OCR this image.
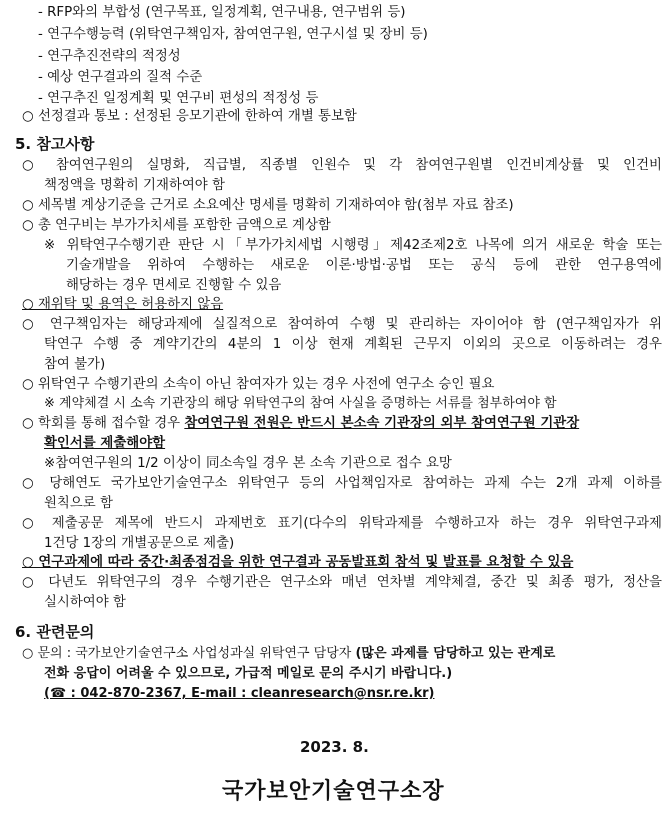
- RFP와의 부합성 (연구목표, 일정계획, 연구내용, 연구범위 등)
- 연구수행능력 (위탁연구책임자, 참여연구원, 연구시설 및 장비 등)
- 연구추진전략의 적정성
- 예상 연구결과의 질적 수준
- 연구추진 일정계획 및 연구비 편성의 적정성 등
○ 선정결과 통보 : 선정된 응모기관에 한하여 개별 통보함
5. 참고사항
○ 참여연구원의 실명화, 직급별, 직종별 인원수 및 각 참여연구원별 인건비계상률 및 인건비
책정액을 명확히 기재하여야 함
○ 세목별 계상기준을 근거로 소요예산 명세를 명확히 기재하여야 함(첨부 자료 참조)
○ 총 연구비는 부가가치세를 포함한 금액으로 계상함
※ 위탁연구수행기관 판단 시「부가가치세법 시행령」제42조제2호 나목에 의거 새로운 학술 또는
기술개발을 위하여 수행하는 새로운 이론·방법·공법 또는 공식 등에 관한 연구용역에
해당하는 경우 면세로 진행할 수 있음
○ 재위탁 및 용역은 허용하지 않음
○ 연구책임자는 해당과제에 실질적으로 참여하여 수행 및 관리하는 자이어야 함 (연구책임자가 위
탁연구 수행 중 계약기간의 4분의 1 이상 현재 계획된 근무지 이외의 곳으로 이동하려는 경우
참여 불가)
○ 위탁연구 수행기관의 소속이 아닌 참여자가 있는 경우 사전에 연구소 승인 필요
※ 계약체결 시 소속 기관장의 해당 위탁연구의 참여 사실을 증명하는 서류를 첨부하여야 함
○ 학회를 통해 접수할 경우 참여연구원 전원은 반드시 본소속 기관장의 외부 참여연구원 기관장
확인서를 제출해야함
※참여연구원의 1/2 이상이 同소속일 경우 본 소속 기관으로 접수 요망
○ 당해연도 국가보안기술연구소 위탁연구 등의 사업책임자로 참여하는 과제 수는 2개 과제 이하를
원칙으로 함
○ 제출공문 제목에 반드시 과제번호 표기(다수의 위탁과제를 수행하고자 하는 경우 위탁연구과제
1건당 1장의 개별공문으로 제출)
○ 연구과제에 따라 중간·최종점검을 위한 연구결과 공동발표회 참석 및 발표를 요청할 수 있음
○ 다년도 위탁연구의 경우 수행기관은 연구소와 매년 연차별 계약체결, 중간 및 최종 평가, 정산을
실시하여야 함
6. 관련문의
○ 문의 : 국가보안기술연구소 사업성과실 위탁연구 담당자 (많은 과제를 담당하고 있는 관계로
전화 응답이 어려울 수 있으므로, 가급적 메일로 문의 주시기 바랍니다.)
(☎ : 042-870-2367, E-mail : cleanresearch@nsr.re.kr)
2023. 8.
국가보안기술연구소장
